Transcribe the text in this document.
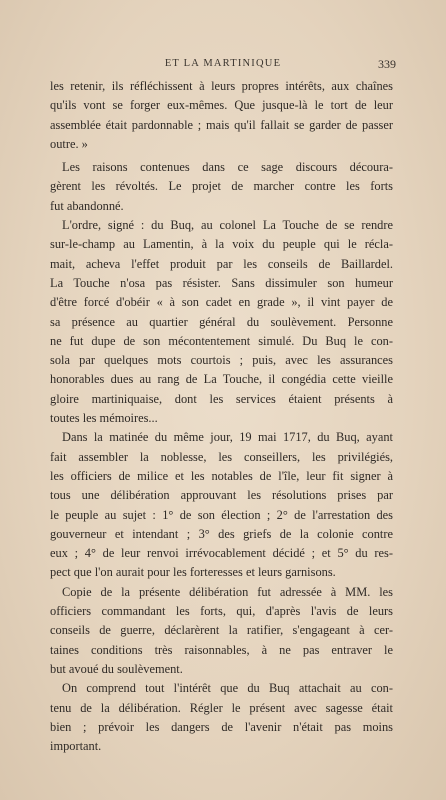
ET LA MARTINIQUE	339
les retenir, ils réfléchissent à leurs propres intérêts, aux chaînes
qu'ils vont se forger eux-mêmes. Que jusque-là le tort de leur
assemblée était pardonnable ; mais qu'il fallait se garder de passer
outre. »
Les raisons contenues dans ce sage discours découra-
gèrent les révoltés. Le projet de marcher contre les forts
fut abandonné.
L'ordre, signé : du Buq, au colonel La Touche de se rendre
sur-le-champ au Lamentin, à la voix du peuple qui le récla-
mait, acheva l'effet produit par les conseils de Baillardel.
La Touche n'osa pas résister. Sans dissimuler son humeur
d'être forcé d'obéir « à son cadet en grade », il vint payer de
sa présence au quartier général du soulèvement. Personne
ne fut dupe de son mécontentement simulé. Du Buq le con-
sola par quelques mots courtois ; puis, avec les assurances
honorables dues au rang de La Touche, il congédia cette vieille
gloire martiniquaise, dont les services étaient présents à
toutes les mémoires...
Dans la matinée du même jour, 19 mai 1717, du Buq, ayant
fait assembler la noblesse, les conseillers, les privilégiés,
les officiers de milice et les notables de l'île, leur fit signer à
tous une délibération approuvant les résolutions prises par
le peuple au sujet : 1° de son élection ; 2° de l'arrestation des
gouverneur et intendant ; 3° des griefs de la colonie contre
eux ; 4° de leur renvoi irrévocablement décidé ; et 5° du res-
pect que l'on aurait pour les forteresses et leurs garnisons.
Copie de la présente délibération fut adressée à MM. les
officiers commandant les forts, qui, d'après l'avis de leurs
conseils de guerre, déclarèrent la ratifier, s'engageant à cer-
taines conditions très raisonnables, à ne pas entraver le
but avoué du soulèvement.
On comprend tout l'intérêt que du Buq attachait au con-
tenu de la délibération. Régler le présent avec sagesse était
bien ; prévoir les dangers de l'avenir n'était pas moins
important.
